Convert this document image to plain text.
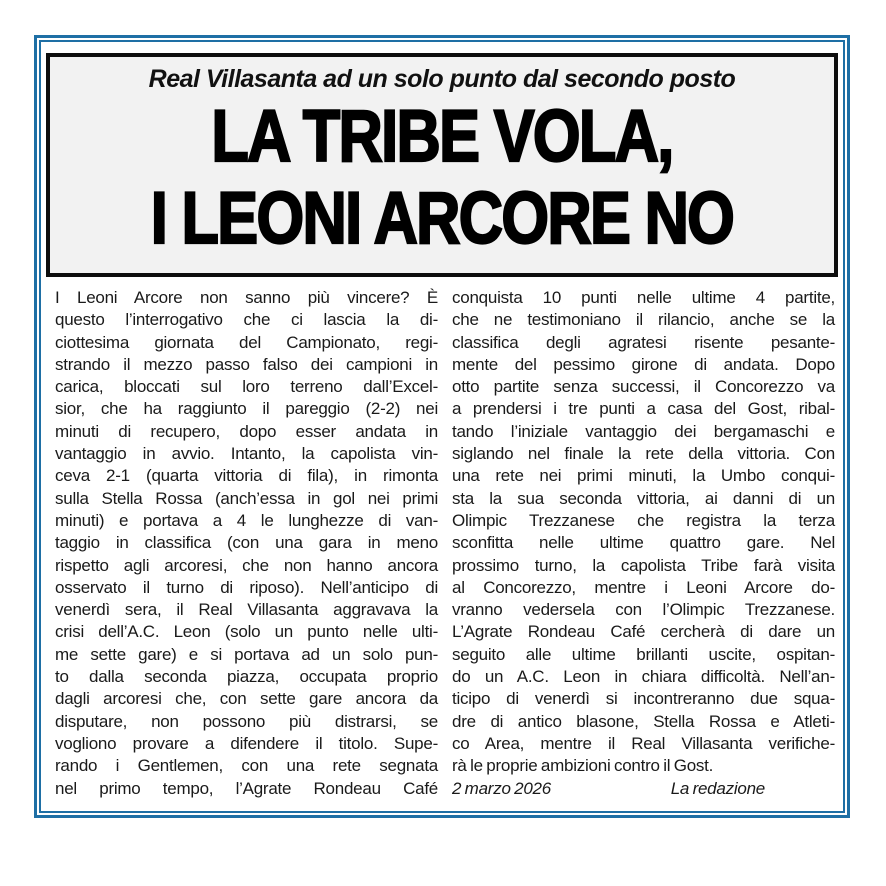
Real Villasanta ad un solo punto dal secondo posto
LA TRIBE VOLA,
I LEONI ARCORE NO
I Leoni Arcore non sanno più vincere? È
questo l’interrogativo che ci lascia la di-
ciottesima giornata del Campionato, regi-
strando il mezzo passo falso dei campioni in
carica, bloccati sul loro terreno dall’Excel-
sior, che ha raggiunto il pareggio (2-2) nei
minuti di recupero, dopo esser andata in
vantaggio in avvio. Intanto, la capolista vin-
ceva 2-1 (quarta vittoria di fila), in rimonta
sulla Stella Rossa (anch’essa in gol nei primi
minuti) e portava a 4 le lunghezze di van-
taggio in classifica (con una gara in meno
rispetto agli arcoresi, che non hanno ancora
osservato il turno di riposo). Nell’anticipo di
venerdì sera, il Real Villasanta aggravava la
crisi dell’A.C. Leon (solo un punto nelle ulti-
me sette gare) e si portava ad un solo pun-
to dalla seconda piazza, occupata proprio
dagli arcoresi che, con sette gare ancora da
disputare, non possono più distrarsi, se
vogliono provare a difendere il titolo. Supe-
rando i Gentlemen, con una rete segnata
nel primo tempo, l’Agrate Rondeau Café
conquista 10 punti nelle ultime 4 partite,
che ne testimoniano il rilancio, anche se la
classifica degli agratesi risente pesante-
mente del pessimo girone di andata. Dopo
otto partite senza successi, il Concorezzo va
a prendersi i tre punti a casa del Gost, ribal-
tando l’iniziale vantaggio dei bergamaschi e
siglando nel finale la rete della vittoria. Con
una rete nei primi minuti, la Umbo conqui-
sta la sua seconda vittoria, ai danni di un
Olimpic Trezzanese che registra la terza
sconfitta nelle ultime quattro gare. Nel
prossimo turno, la capolista Tribe farà visita
al Concorezzo, mentre i Leoni Arcore do-
vranno vedersela con l’Olimpic Trezzanese.
L’Agrate Rondeau Café cercherà di dare un
seguito alle ultime brillanti uscite, ospitan-
do un A.C. Leon in chiara difficoltà. Nell’an-
ticipo di venerdì si incontreranno due squa-
dre di antico blasone, Stella Rossa e Atleti-
co Area, mentre il Real Villasanta verifiche-
rà le proprie ambizioni contro il Gost.
2 marzo 2026	La redazione
